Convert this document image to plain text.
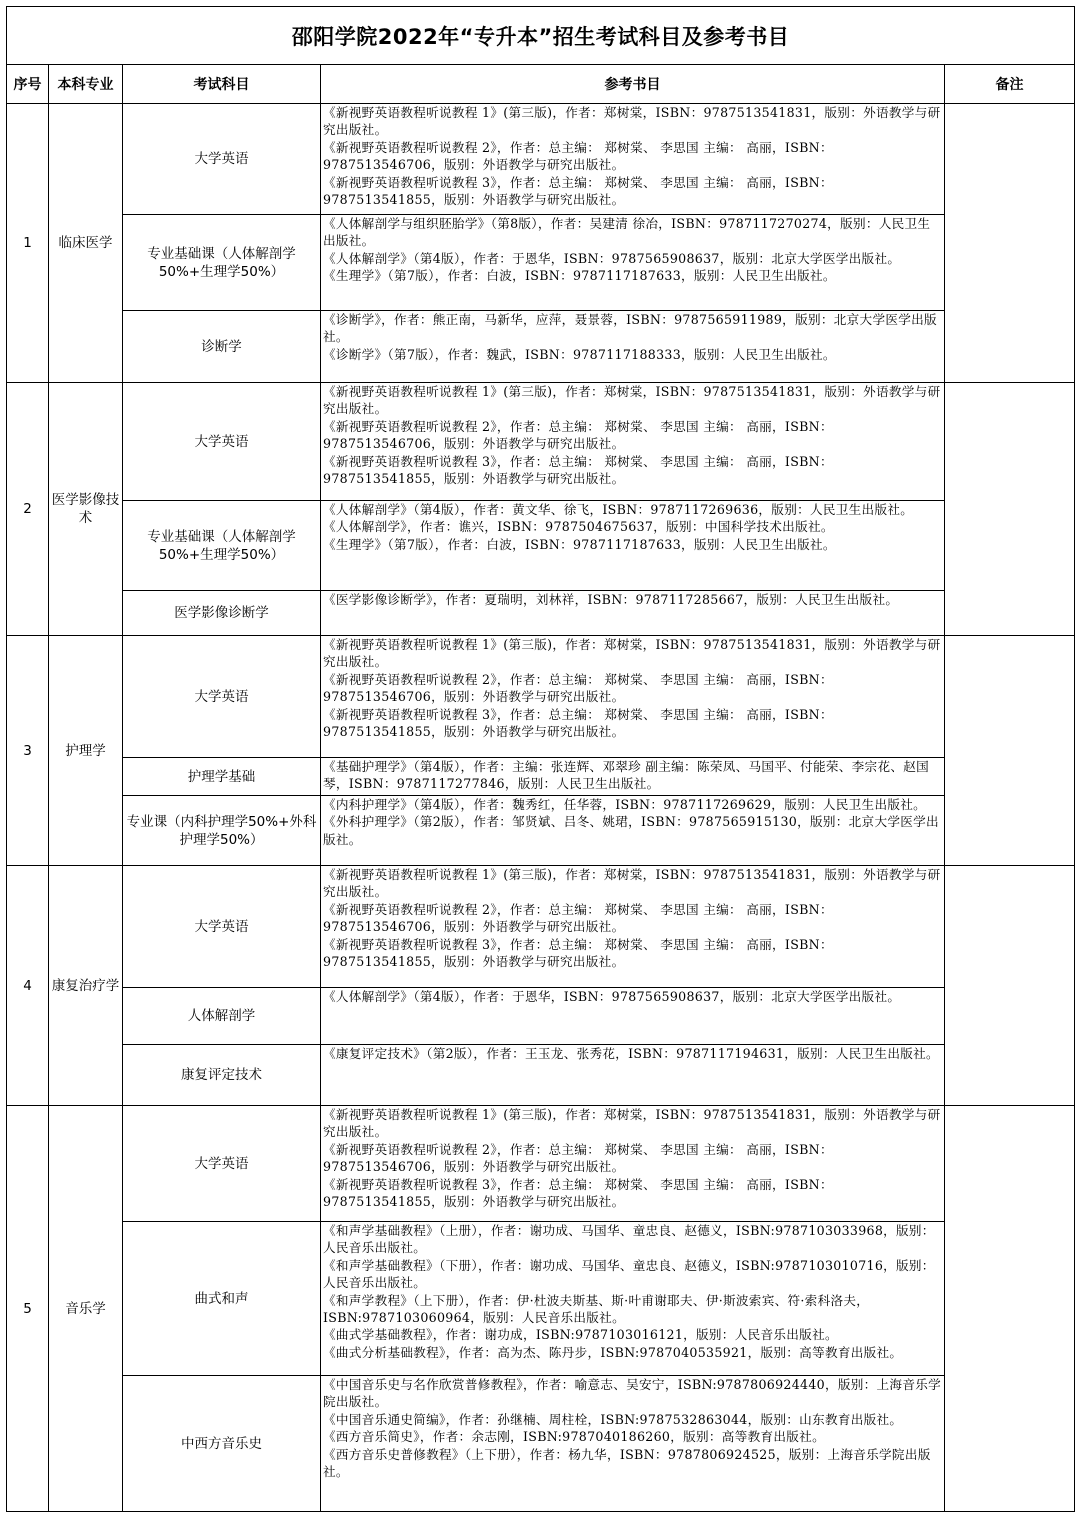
邵阳学院2022年“专升本”招生考试科目及参考书目				
序号	本科专业	考试科目	参考书目	备注
1	临床医学	大学英语	《新视野英语教程听说教程 1》(第三版)，作者：郑树棠，ISBN：9787513541831，版别：外语教学与研究出版社。
《新视野英语教程听说教程 2》，作者：总主编： 郑树棠、 李思国 主编： 高丽，ISBN：9787513546706，版别：外语教学与研究出版社。
《新视野英语教程听说教程 3》，作者：总主编： 郑树棠、 李思国 主编： 高丽，ISBN：9787513541855，版别：外语教学与研究出版社。	

		专业基础课（人体解剖学50%+生理学50%）	《人体解剖学与组织胚胎学》（第8版），作者：吴建清 徐冶，ISBN：9787117270274，版别：人民卫生出版社。
《人体解剖学》（第4版），作者：于恩华，ISBN：9787565908637，版别：北京大学医学出版社。
《生理学》（第7版），作者：白波，ISBN：9787117187633，版别：人民卫生出版社。	

		诊断学	《诊断学》，作者：熊正南，马新华，应萍，聂景蓉，ISBN：9787565911989，版别：北京大学医学出版社。
《诊断学》（第7版），作者：魏武，ISBN：9787117188333，版别：人民卫生出版社。	

2	医学影像技术	大学英语	《新视野英语教程听说教程 1》(第三版)，作者：郑树棠，ISBN：9787513541831，版别：外语教学与研究出版社。
《新视野英语教程听说教程 2》，作者：总主编： 郑树棠、 李思国 主编： 高丽，ISBN：9787513546706，版别：外语教学与研究出版社。
《新视野英语教程听说教程 3》，作者：总主编： 郑树棠、 李思国 主编： 高丽，ISBN：9787513541855，版别：外语教学与研究出版社。	

		专业基础课（人体解剖学50%+生理学50%）	《人体解剖学》（第4版），作者：黄文华、徐飞，ISBN：9787117269636，版别：人民卫生出版社。
《人体解剖学》，作者：谯兴，ISBN：9787504675637，版别：中国科学技术出版社。
《生理学》（第7版），作者：白波，ISBN：9787117187633，版别：人民卫生出版社。	

		医学影像诊断学	《医学影像诊断学》，作者：夏瑞明，刘林祥，ISBN：9787117285667，版别：人民卫生出版社。	

3	护理学	大学英语	《新视野英语教程听说教程 1》(第三版)，作者：郑树棠，ISBN：9787513541831，版别：外语教学与研究出版社。
《新视野英语教程听说教程 2》，作者：总主编： 郑树棠、 李思国 主编： 高丽，ISBN：9787513546706，版别：外语教学与研究出版社。
《新视野英语教程听说教程 3》，作者：总主编： 郑树棠、 李思国 主编： 高丽，ISBN：9787513541855，版别：外语教学与研究出版社。	

		护理学基础	《基础护理学》（第4版），作者：主编：张连辉、邓翠珍 副主编：陈荣凤、马国平、付能荣、李宗花、赵国琴，ISBN：9787117277846，版别：人民卫生出版社。	

		专业课（内科护理学50%+外科护理学50%）	《内科护理学》（第4版），作者：魏秀红，任华蓉，ISBN：9787117269629，版别：人民卫生出版社。
《外科护理学》（第2版），作者：邹贤斌、吕冬、姚珺，ISBN：9787565915130，版别：北京大学医学出版社。	

4	康复治疗学	大学英语	《新视野英语教程听说教程 1》(第三版)，作者：郑树棠，ISBN：9787513541831，版别：外语教学与研究出版社。
《新视野英语教程听说教程 2》，作者：总主编： 郑树棠、 李思国 主编： 高丽，ISBN：9787513546706，版别：外语教学与研究出版社。
《新视野英语教程听说教程 3》，作者：总主编： 郑树棠、 李思国 主编： 高丽，ISBN：9787513541855，版别：外语教学与研究出版社。	

		人体解剖学	《人体解剖学》（第4版），作者：于恩华，ISBN：9787565908637，版别：北京大学医学出版社。	

		康复评定技术	《康复评定技术》（第2版），作者：王玉龙、张秀花，ISBN：9787117194631，版别：人民卫生出版社。	

5	音乐学	大学英语	《新视野英语教程听说教程 1》(第三版)，作者：郑树棠，ISBN：9787513541831，版别：外语教学与研究出版社。
《新视野英语教程听说教程 2》，作者：总主编： 郑树棠、 李思国 主编： 高丽，ISBN：9787513546706，版别：外语教学与研究出版社。
《新视野英语教程听说教程 3》，作者：总主编： 郑树棠、 李思国 主编： 高丽，ISBN：9787513541855，版别：外语教学与研究出版社。	

		曲式和声	《和声学基础教程》（上册），作者：谢功成、马国华、童忠良、赵德义，ISBN:9787103033968，版别：人民音乐出版社。
《和声学基础教程》（下册），作者：谢功成、马国华、童忠良、赵德义，ISBN:9787103010716，版别：人民音乐出版社。
《和声学教程》（上下册），作者：伊·杜波夫斯基、斯·叶甫谢耶夫、伊·斯波索宾、符·索科洛夫，ISBN:9787103060964，版别：人民音乐出版社。
《曲式学基础教程》，作者：谢功成，ISBN:9787103016121，版别：人民音乐出版社。
《曲式分析基础教程》，作者：高为杰、陈丹步，ISBN:9787040535921，版别：高等教育出版社。	

		中西方音乐史	《中国音乐史与名作欣赏普修教程》，作者：喻意志、吴安宁，ISBN:9787806924440，版别：上海音乐学院出版社。
《中国音乐通史简编》，作者：孙继楠、周柱栓，ISBN:9787532863044，版别：山东教育出版社。
《西方音乐简史》，作者：余志刚，ISBN:9787040186260，版别：高等教育出版社。
《西方音乐史普修教程》（上下册），作者：杨九华，ISBN：9787806924525，版别：上海音乐学院出版社。	
